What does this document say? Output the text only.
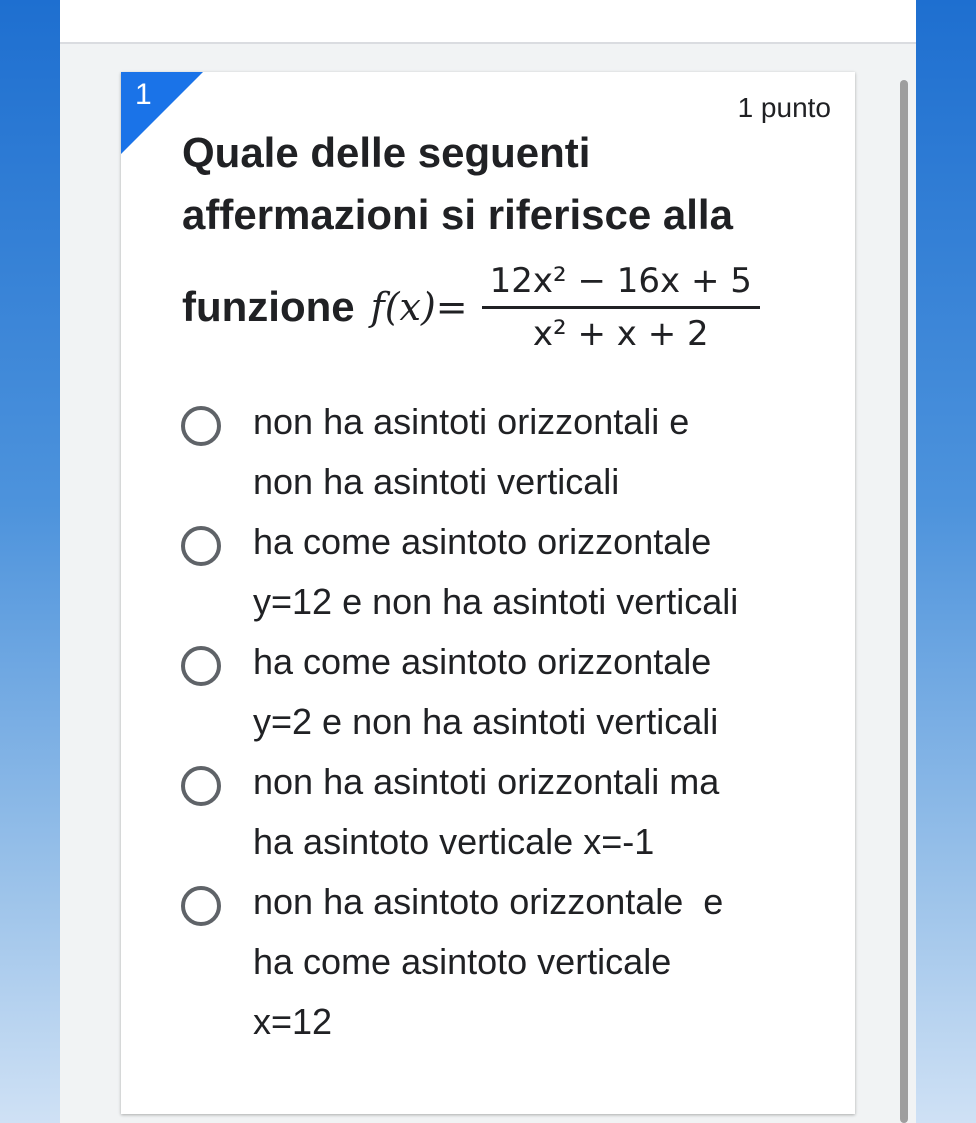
1	1 punto
Quale delle seguenti affermazioni si riferisce alla
funzione $f(x)= \frac{\text{12x² − 16x + 5}}{\text{x² + x + 2}}$
non ha asintoti orizzontali e
non ha asintoti verticali
ha come asintoto orizzontale
y=12 e non ha asintoti verticali
ha come asintoto orizzontale
y=2 e non ha asintoti verticali
non ha asintoti orizzontali ma
ha asintoto verticale x=-1
non ha asintoto orizzontale  e
ha come asintoto verticale
x=12
